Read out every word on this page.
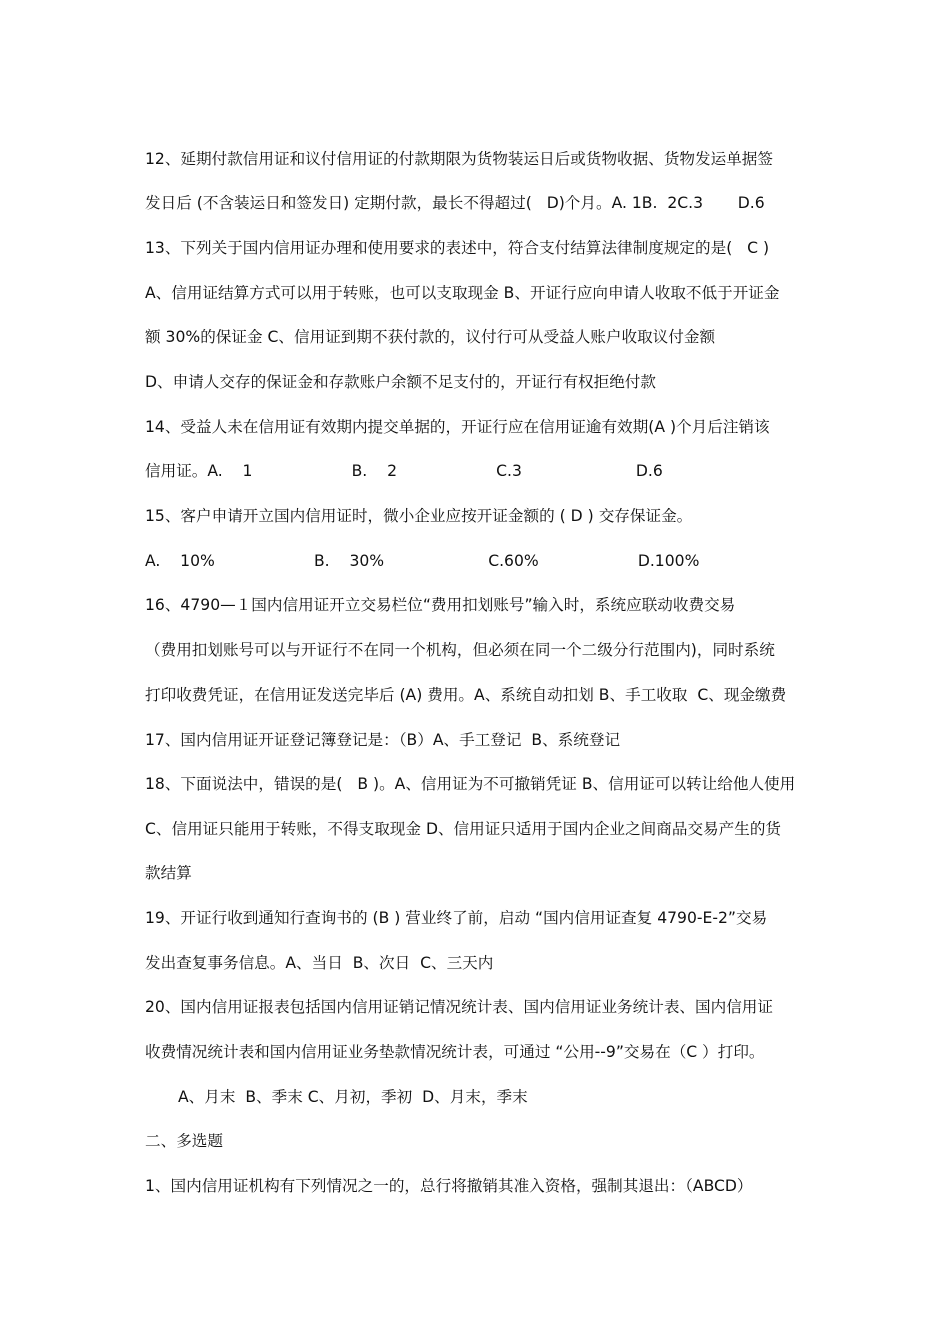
12、延期付款信用证和议付信用证的付款期限为货物装运日后或货物收据、货物发运单据签
发日后 (不含装运日和签发日) 定期付款，最长不得超过(   D)个月。A. 1B.  2C.3       D.6
13、下列关于国内信用证办理和使用要求的表述中，符合支付结算法律制度规定的是(   C )
A、信用证结算方式可以用于转账，也可以支取现金 B、开证行应向申请人收取不低于开证金
额 30%的保证金 C、信用证到期不获付款的，议付行可从受益人账户收取议付金额
D、申请人交存的保证金和存款账户余额不足支付的，开证行有权拒绝付款
14、受益人未在信用证有效期内提交单据的，开证行应在信用证逾有效期(A )个月后注销该
信用证。A.    1                    B.    2                    C.3                       D.6
15、客户申请开立国内信用证时，微小企业应按开证金额的 ( D ) 交存保证金。
A.    10%                    B.    30%                     C.60%                    D.100%
16、4790—１国内信用证开立交易栏位“费用扣划账号”输入时，系统应联动收费交易
（费用扣划账号可以与开证行不在同一个机构，但必须在同一个二级分行范围内)，同时系统
打印收费凭证，在信用证发送完毕后 (A) 费用。A、系统自动扣划 B、手工收取  C、现金缴费
17、国内信用证开证登记簿登记是：（B）A、手工登记  B、系统登记
18、下面说法中，错误的是(   B )。A、信用证为不可撤销凭证 B、信用证可以转让给他人使用
C、信用证只能用于转账，不得支取现金 D、信用证只适用于国内企业之间商品交易产生的货
款结算
19、开证行收到通知行查询书的 (B ) 营业终了前，启动 “国内信用证查复 4790-E-2”交易
发出查复事务信息。A、当日  B、次日  C、三天内
20、国内信用证报表包括国内信用证销记情况统计表、国内信用证业务统计表、国内信用证
收费情况统计表和国内信用证业务垫款情况统计表，可通过 “公用--9”交易在（C ）打印。
A、月末  B、季末 C、月初，季初  D、月末，季末
二、多选题
1、国内信用证机构有下列情况之一的，总行将撤销其准入资格，强制其退出：（ABCD）
